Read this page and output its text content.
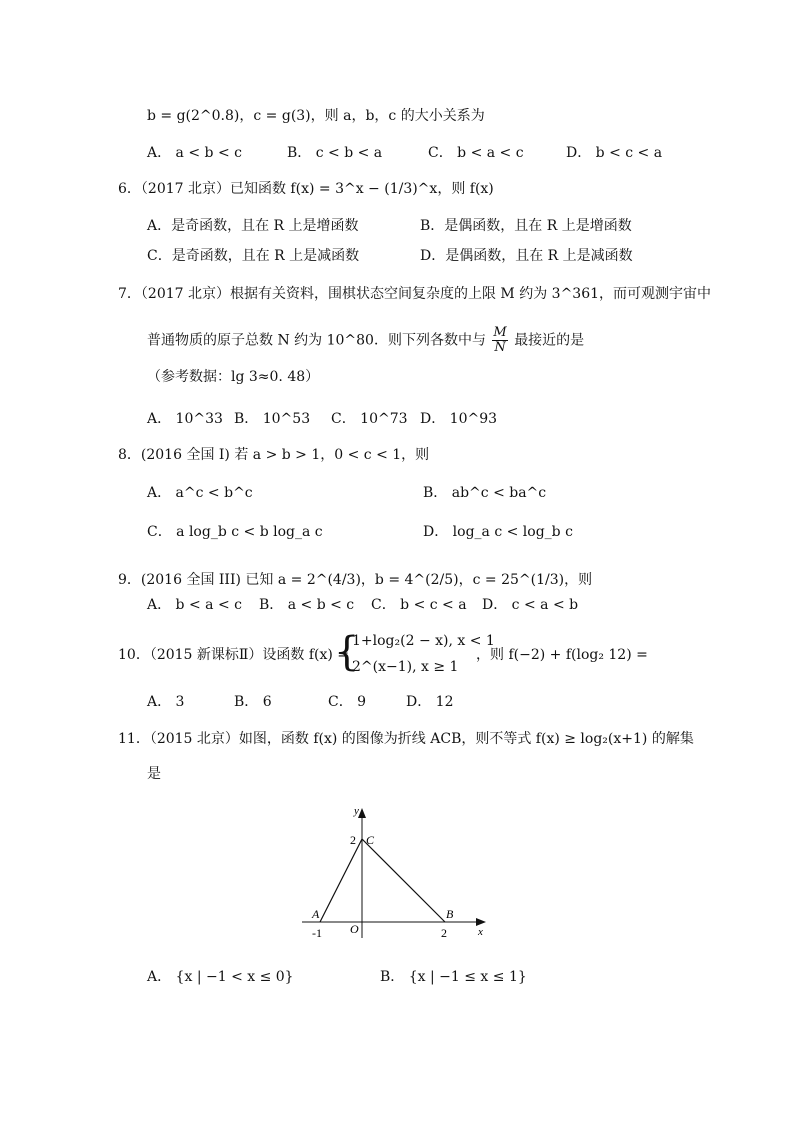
b = g(2^0.8)，c = g(3)，则 a，b，c 的大小关系为
A． a < b < c	B． c < b < a	C． b < a < c	D． b < c < a
6．（2017 北京）已知函数 f(x) = 3^x − (1/3)^x，则 f(x)
A．是奇函数，且在 R 上是增函数	B．是偶函数，且在 R 上是增函数
C．是奇函数，且在 R 上是减函数	D．是偶函数，且在 R 上是减函数
7．（2017 北京）根据有关资料，围棋状态空间复杂度的上限 M 约为 3^361，而可观测宇宙中
普通物质的原子总数 N 约为 10^80．则下列各数中与 $\frac{M}{N}$ 最接近的是
（参考数据：lg 3≈0. 48）
A． 10^33 B． 10^53 C． 10^73 D． 10^93
8．(2016 全国 I) 若 a > b > 1，0 < c < 1，则
A． a^c < b^c	B． ab^c < ba^c
C． a log_b c < b log_a c	D． log_a c < log_b c
9．(2016 全国 III) 已知 a = 2^(4/3)，b = 4^(2/5)，c = 25^(1/3)，则
A． b < a < c B． a < b < c C． b < c < a D． c < a < b
10．（2015 新课标Ⅱ）设函数 f(x) =
{
1+log₂(2 − x), x < 1
2^(x−1), x ≥ 1
，则 f(−2) + f(log₂ 12) =
A． 3	B． 6	C． 9	D． 12
11．（2015 北京）如图，函数 f(x) 的图像为折线 ACB，则不等式 f(x) ≥ log₂(x+1) 的解集
是
y
x
C
2
A	B
-1 O	2
A． {x | −1 < x ≤ 0}	B． {x | −1 ≤ x ≤ 1}
